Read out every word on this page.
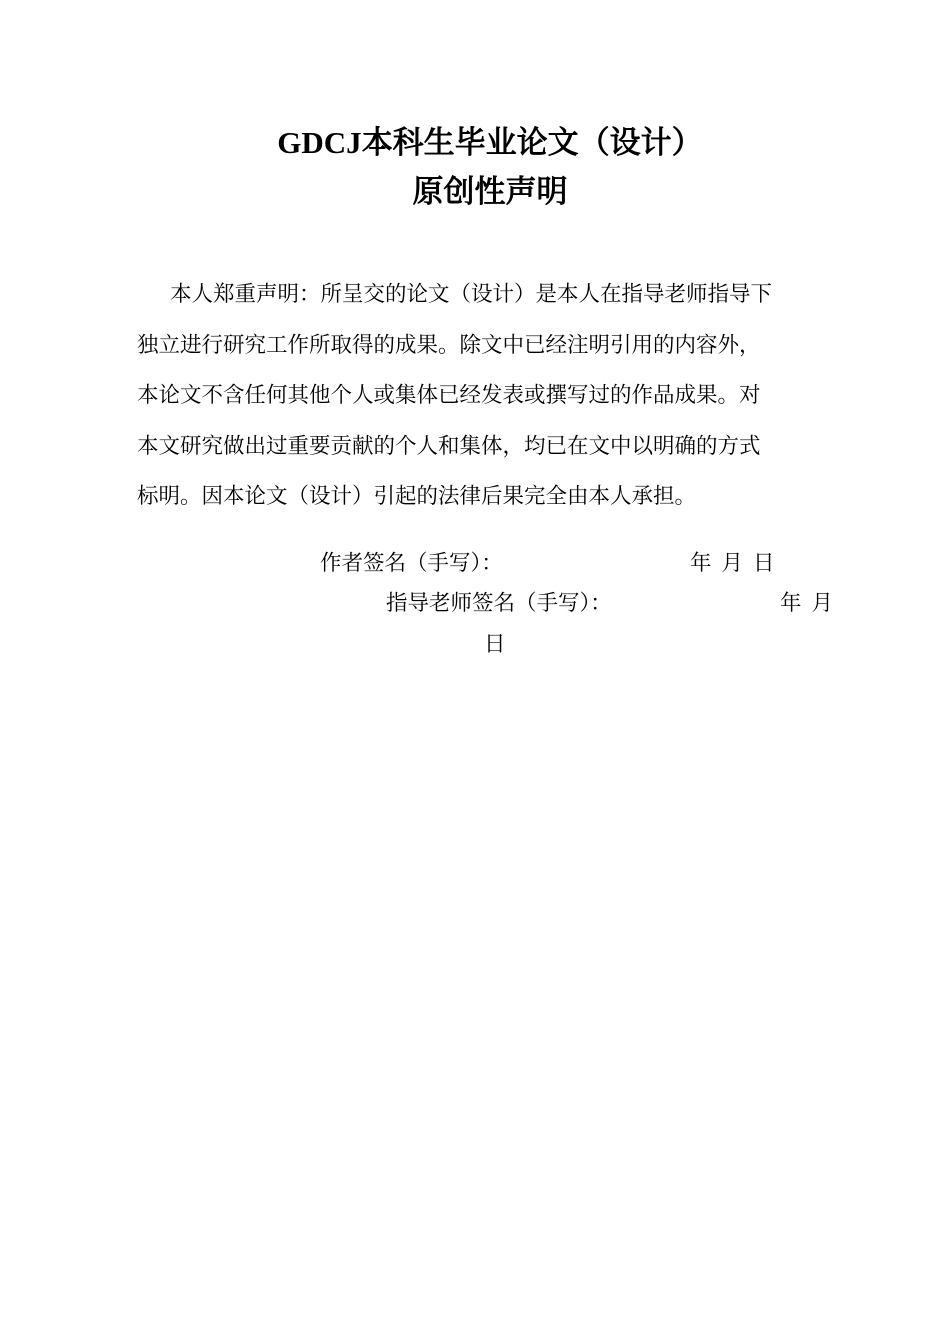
GDCJ本科生毕业论文（设计）
原创性声明
本人郑重声明：所呈交的论文（设计）是本人在指导老师指导下
独立进行研究工作所取得的成果。除文中已经注明引用的内容外，
本论文不含任何其他个人或集体已经发表或撰写过的作品成果。对
本文研究做出过重要贡献的个人和集体，均已在文中以明确的方式
标明。因本论文（设计）引起的法律后果完全由本人承担。
作者签名（手写）：	年 月 日
指导老师签名（手写）：	年 月
日
